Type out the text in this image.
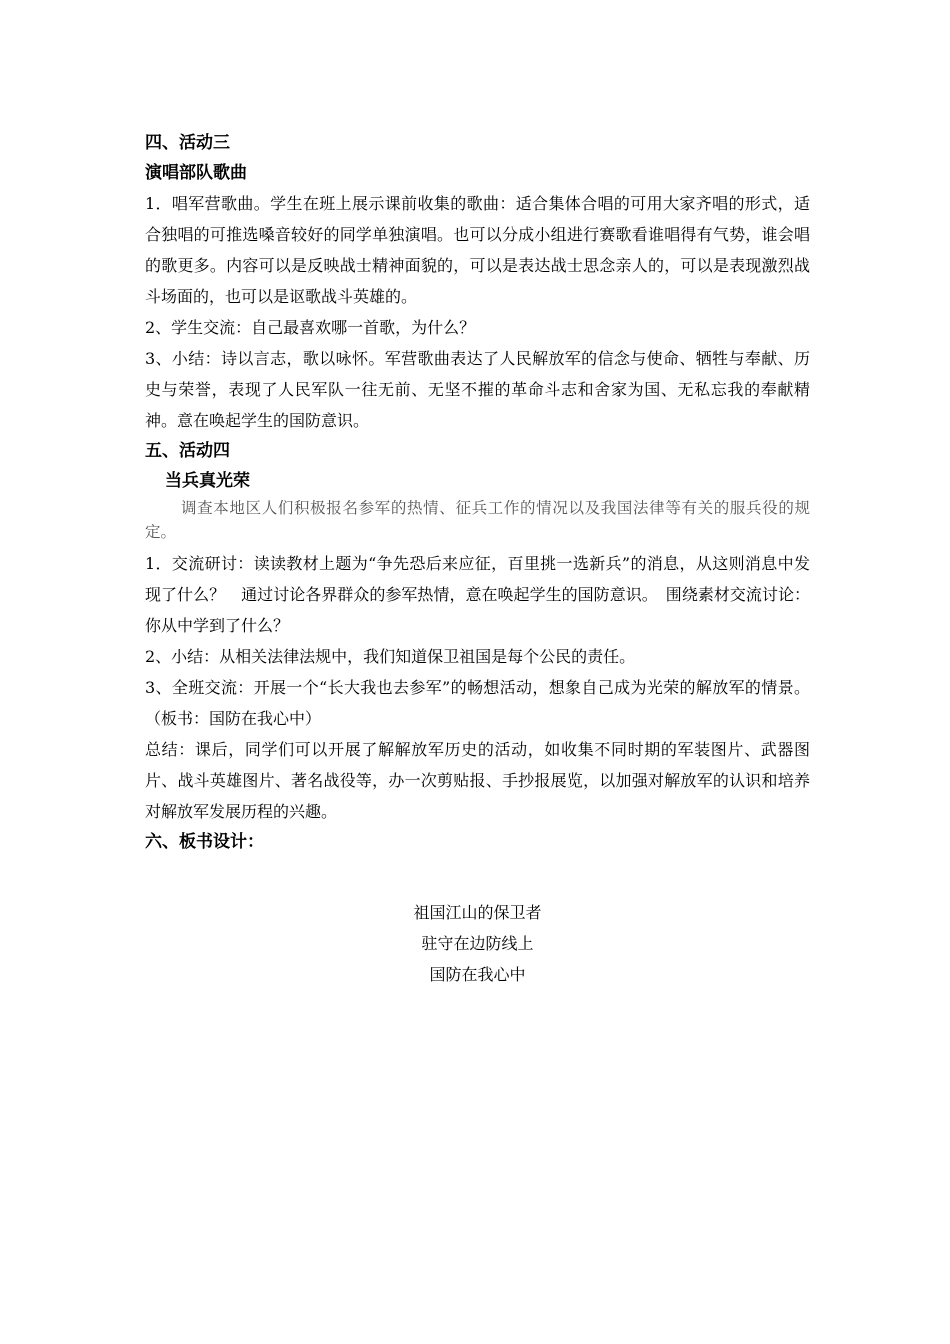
四、活动三
演唱部队歌曲

1．唱军营歌曲。学生在班上展示课前收集的歌曲：适合集体合唱的可用大家齐唱的形式，适合独唱的可推选嗓音较好的同学单独演唱。也可以分成小组进行赛歌看谁唱得有气势，谁会唱的歌更多。内容可以是反映战士精神面貌的，可以是表达战士思念亲人的，可以是表现激烈战斗场面的，也可以是讴歌战斗英雄的。

2、学生交流：自己最喜欢哪一首歌，为什么？

3、小结：诗以言志，歌以咏怀。军营歌曲表达了人民解放军的信念与使命、牺牲与奉献、历史与荣誉，表现了人民军队一往无前、无坚不摧的革命斗志和舍家为国、无私忘我的奉献精神。意在唤起学生的国防意识。

五、活动四
当兵真光荣

调查本地区人们积极报名参军的热情、征兵工作的情况以及我国法律等有关的服兵役的规定。

1．交流研讨：读读教材上题为“争先恐后来应征，百里挑一选新兵”的消息，从这则消息中发现了什么？　通过讨论各界群众的参军热情，意在唤起学生的国防意识。　围绕素材交流讨论：你从中学到了什么？

2、小结：从相关法律法规中，我们知道保卫祖国是每个公民的责任。

3、全班交流：开展一个“长大我也去参军”的畅想活动，想象自己成为光荣的解放军的情景。（板书：国防在我心中）

总结：课后，同学们可以开展了解解放军历史的活动，如收集不同时期的军装图片、武器图片、战斗英雄图片、著名战役等，办一次剪贴报、手抄报展览，以加强对解放军的认识和培养对解放军发展历程的兴趣。

六、板书设计：
祖国江山的保卫者
驻守在边防线上
国防在我心中
